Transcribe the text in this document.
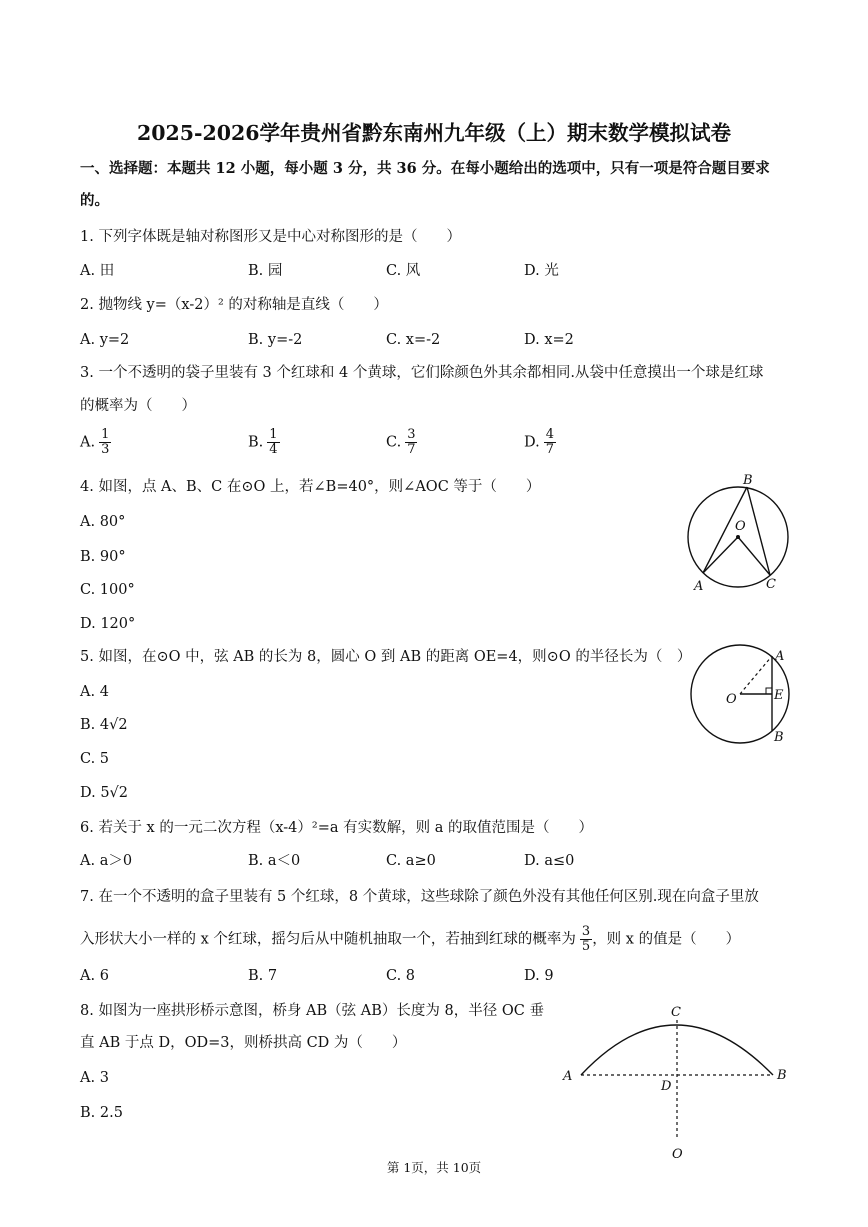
2025-2026学年贵州省黔东南州九年级（上）期末数学模拟试卷
一、选择题：本题共 12 小题，每小题 3 分，共 36 分。在每小题给出的选项中，只有一项是符合题目要求
的。
1. 下列字体既是轴对称图形又是中心对称图形的是（　　）
A. 田	B. 园	C. 风	D. 光
2. 抛物线 y=（x-2）² 的对称轴是直线（　　）
A. y=2	B. y=-2	C. x=-2	D. x=2
3. 一个不透明的袋子里装有 3 个红球和 4 个黄球，它们除颜色外其余都相同.从袋中任意摸出一个球是红球
的概率为（　　）
A. $\frac{1}{3}$	B. $\frac{1}{4}$	C. $\frac{3}{7}$	D. $\frac{4}{7}$
4. 如图，点 A、B、C 在⊙O 上，若∠B=40°，则∠AOC 等于（　　）
A. 80°
B. 90°
C. 100°
D. 120°
B
O
A	C
5. 如图，在⊙O 中，弦 AB 的长为 8，圆心 O 到 AB 的距离 OE=4，则⊙O 的半径长为（　）
A. 4
B. 4√2
C. 5
D. 5√2
A
E
B
O
6. 若关于 x 的一元二次方程（x-4）²=a 有实数解，则 a 的取值范围是（　　）
A. a＞0	B. a＜0	C. a≥0	D. a≤0
7. 在一个不透明的盒子里装有 5 个红球，8 个黄球，这些球除了颜色外没有其他任何区别.现在向盒子里放
入形状大小一样的 x 个红球，摇匀后从中随机抽取一个，若抽到红球的概率为 $\frac{3}{5}$ ，则 x 的值是（　　）
A. 6	B. 7	C. 8	D. 9
8. 如图为一座拱形桥示意图，桥身 AB（弦 AB）长度为 8，半径 OC 垂
直 AB 于点 D，OD=3，则桥拱高 CD 为（　　）
A. 3
B. 2.5
C
A	B
D
O
第 1页，共 10页
